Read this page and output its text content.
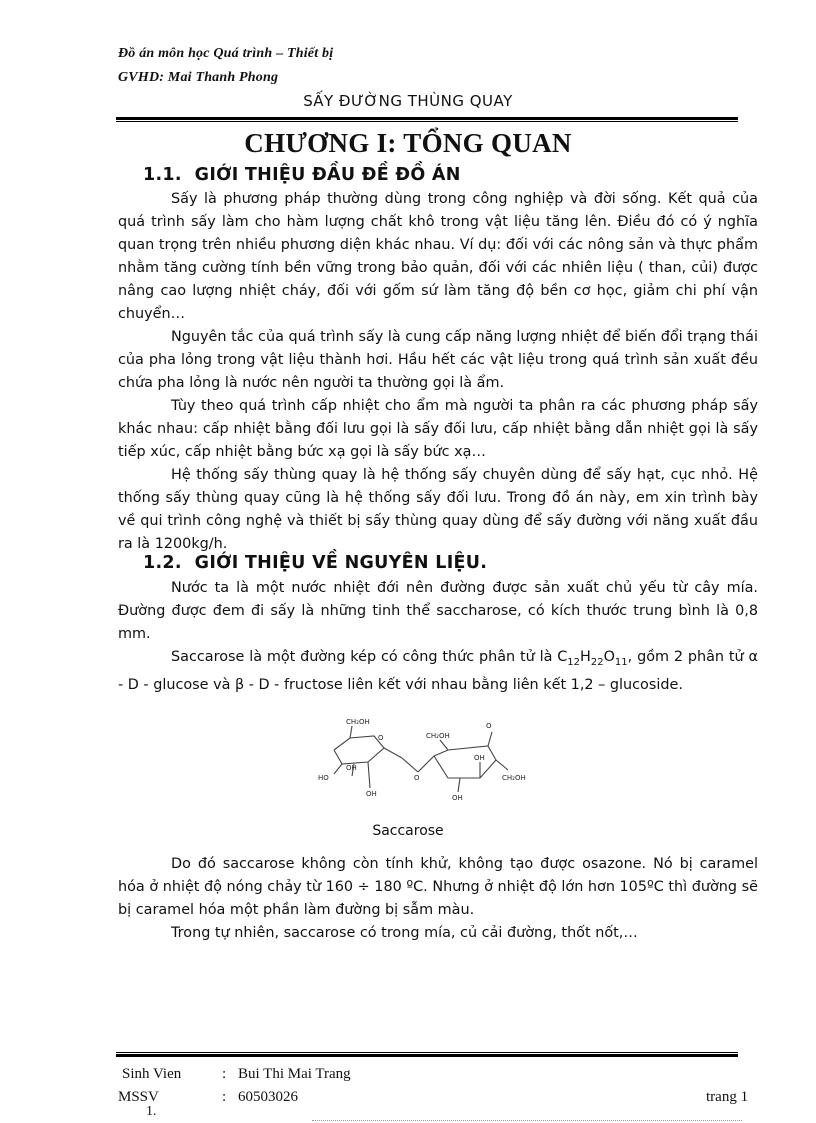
Đồ án môn học Quá trình – Thiết bị
GVHD: Mai Thanh Phong
SẤY ĐƯỜNG THÙNG QUAY
CHƯƠNG I: TỔNG QUAN
1.1. GIỚI THIỆU ĐẦU ĐỀ ĐỒ ÁN

Sấy là phương pháp thường dùng trong công nghiệp và đời sống. Kết quả của quá trình sấy làm cho hàm lượng chất khô trong vật liệu tăng lên. Điều đó có ý nghĩa quan trọng trên nhiều phương diện khác nhau. Ví dụ: đối với các nông sản và thực phẩm nhằm tăng cường tính bền vững trong bảo quản, đối với các nhiên liệu ( than, củi) được nâng cao lượng nhiệt cháy, đối với gốm sứ làm tăng độ bền cơ học, giảm chi phí vận chuyển…

Nguyên tắc của quá trình sấy là cung cấp năng lượng nhiệt để biến đổi trạng thái của pha lỏng trong vật liệu thành hơi. Hầu hết các vật liệu trong quá trình sản xuất đều chứa pha lỏng là nước nên người ta thường gọi là ẩm.

Tùy theo quá trình cấp nhiệt cho ẩm mà người ta phân ra các phương pháp sấy khác nhau: cấp nhiệt bằng đối lưu gọi là sấy đối lưu, cấp nhiệt bằng dẫn nhiệt gọi là sấy tiếp xúc, cấp nhiệt bằng bức xạ gọi là sấy bức xạ…

Hệ thống sấy thùng quay là hệ thống sấy chuyên dùng để sấy hạt, cục nhỏ. Hệ thống sấy thùng quay cũng là hệ thống sấy đối lưu. Trong đồ án này, em xin trình bày về qui trình công nghệ và thiết bị sấy thùng quay dùng để sấy đường với năng xuất đầu ra là 1200kg/h.

1.2. GIỚI THIỆU VỀ NGUYÊN LIỆU.

Nước ta là một nước nhiệt đới nên đường được sản xuất chủ yếu từ cây mía. Đường được đem đi sấy là những tinh thể saccharose, có kích thước trung bình là 0,8 mm.

Saccarose là một đường kép có công thức phân tử là $C_{12}H_{22}O_{11}$, gồm 2 phân tử α - D - glucose và β - D - fructose liên kết với nhau bằng liên kết 1,2 – glucoside.

CH₂OH
O
HO
OH
OH
O
CH₂OH
O
OH
OH
CH₂OH
Saccarose

Do đó saccarose không còn tính khử, không tạo được osazone. Nó bị caramel hóa ở nhiệt độ nóng chảy từ 160 ÷ 180 ºC. Nhưng ở nhiệt độ lớn hơn 105ºC thì đường sẽ bị caramel hóa một phần làm đường bị sẫm màu.

Trong tự nhiên, saccarose có trong mía, củ cải đường, thốt nốt,…

Sinh Vien	: Bui Thi Mai Trang
MSSV	: 60503026	trang 1
1.
